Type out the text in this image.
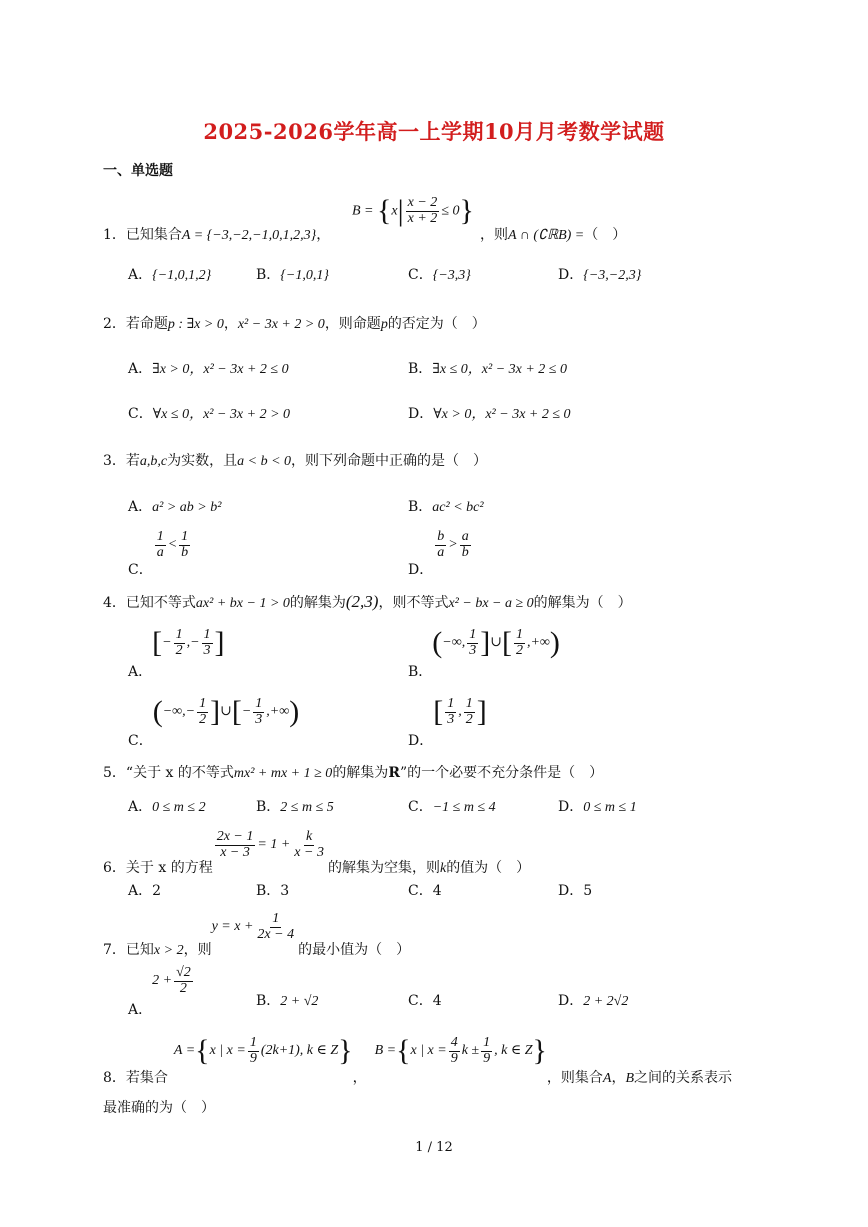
2025-2026学年高一上学期10月月考数学试题
一、单选题
1．已知集合A = {−3,−2,−1,0,1,2,3}，
$B = \{x| \frac{x - 2}{x + 2} \le 0\}$
，则A ∩ (∁ℝB) =（　）
A．{−1,0,1,2}	B．{−1,0,1}	C．{−3,3}	D．{−3,−2,3}
2．若命题p : ∃x > 0，x² − 3x + 2 > 0，则命题p的否定为（　）
A．∃x > 0，x² − 3x + 2 ≤ 0	B．∃x ≤ 0，x² − 3x + 2 ≤ 0
C．∀x ≤ 0，x² − 3x + 2 > 0	D．∀x > 0，x² − 3x + 2 ≤ 0
3．若a,b,c为实数，且a < b < 0，则下列命题中正确的是（　）
A．a² > ab > b²	B．ac² < bc²
C．
$\frac{1}{a} < \frac{1}{b}$
D．
$\frac{b}{a} > \frac{a}{b}$
4．已知不等式ax² + bx − 1 > 0的解集为(2,3)，则不等式x² − bx − a ≥ 0的解集为（　）
A．[− $\frac{1}{2}$ ,− $\frac{1}{3}$ ]
B．(−∞, $\frac{1}{3}$ ]∪[ $\frac{1}{2}$ ,+∞)
C．(−∞,− $\frac{1}{2}$ ]∪[− $\frac{1}{3}$ ,+∞)
D．[ $\frac{1}{3}$ , $\frac{1}{2}$ ]
5．“关于 x 的不等式mx² + mx + 1 ≥ 0的解集为R”的一个必要不充分条件是（　）
A．0 ≤ m ≤ 2	B．2 ≤ m ≤ 5	C．−1 ≤ m ≤ 4	D．0 ≤ m ≤ 1
6．关于 x 的方程
$\frac{2x - 1}{x - 3} = 1 + \frac{k}{x - 3}$
的解集为空集，则k的值为（　）
A．2	B．3	C．4	D．5
7．已知x > 2，则$y = x + \frac{1}{2x - 4}$
的最小值为（　）
A．$2 + \frac{√2}{2}$
B．2 + √2	C．4	D．2 + 2√2
8．若集合A ={x | $x = \frac{1}{9} (2k+1)$, k ∈ Z}，B ={x | $x = \frac{4}{9}$ $k \pm \frac{1}{9}$ , k ∈ Z}，则集合A，B之间的关系表示
最准确的为（　）
1 / 12
